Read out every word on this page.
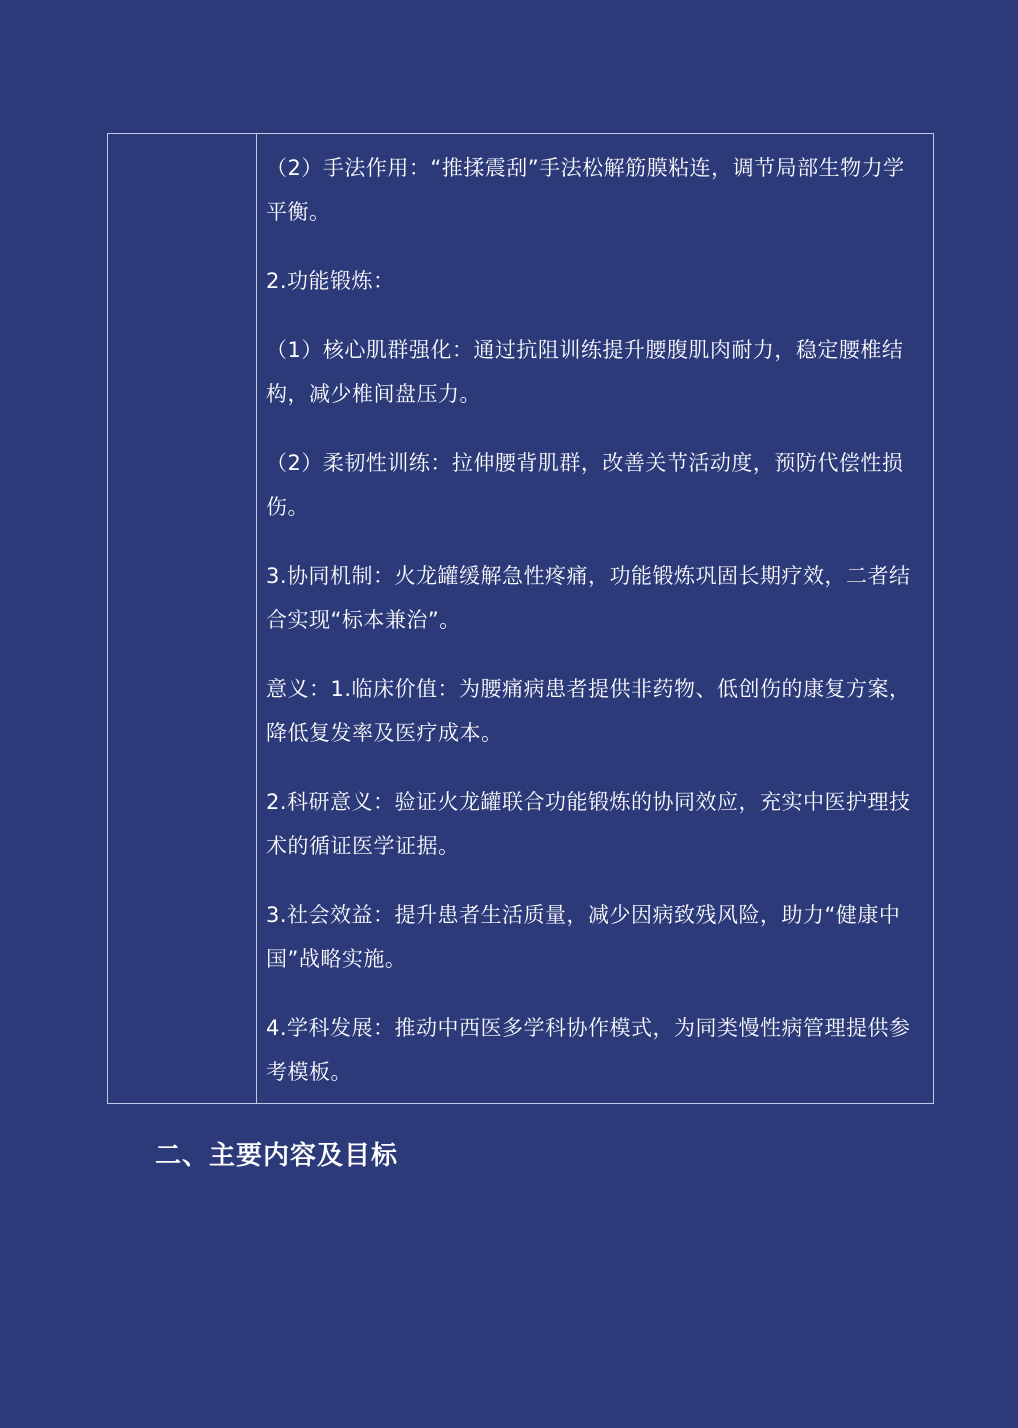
（2）手法作用：“推揉震刮”手法松解筋膜粘连，调节局部生物力学平衡。

2.功能锻炼：

（1）核心肌群强化：通过抗阻训练提升腰腹肌肉耐力，稳定腰椎结构，减少椎间盘压力。

（2）柔韧性训练：拉伸腰背肌群，改善关节活动度，预防代偿性损伤。

3.协同机制：火龙罐缓解急性疼痛，功能锻炼巩固长期疗效，二者结合实现“标本兼治”。

意义：1.临床价值：为腰痛病患者提供非药物、低创伤的康复方案，降低复发率及医疗成本。

2.科研意义：验证火龙罐联合功能锻炼的协同效应，充实中医护理技术的循证医学证据。

3.社会效益：提升患者生活质量，减少因病致残风险，助力“健康中国”战略实施。

4.学科发展：推动中西医多学科协作模式，为同类慢性病管理提供参考模板。

二、主要内容及目标
